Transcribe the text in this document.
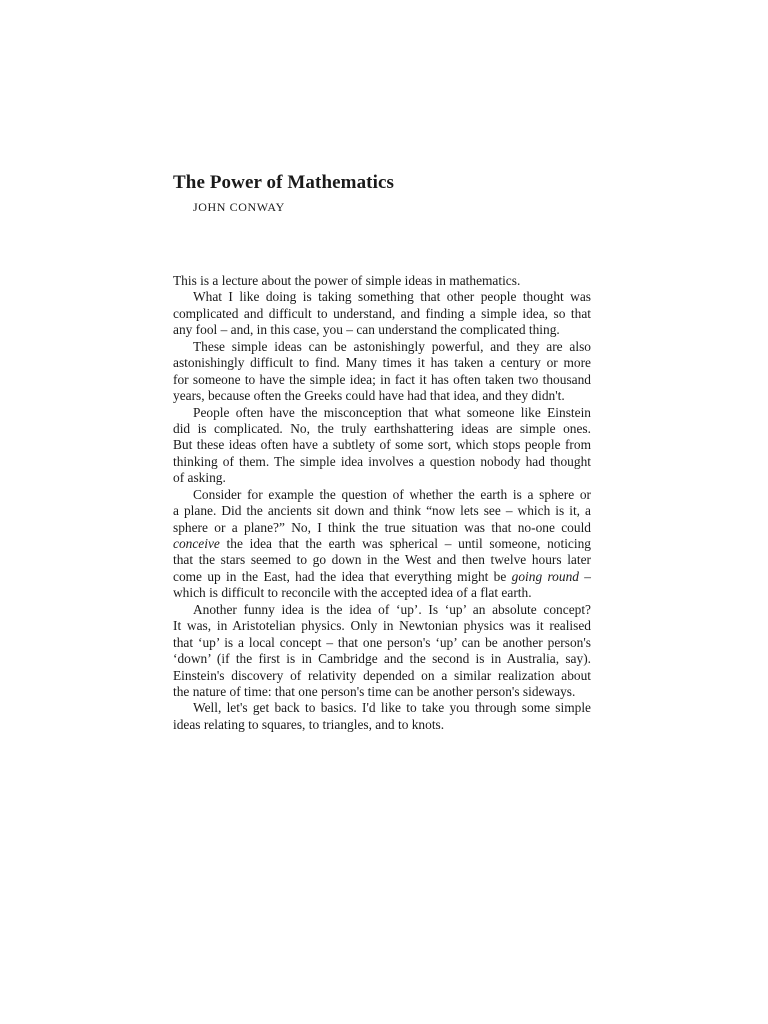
The Power of Mathematics
JOHN CONWAY
This is a lecture about the power of simple ideas in mathematics.
What I like doing is taking something that other people thought was
complicated and difficult to understand, and finding a simple idea, so that
any fool – and, in this case, you – can understand the complicated thing.
These simple ideas can be astonishingly powerful, and they are also
astonishingly difficult to find. Many times it has taken a century or more
for someone to have the simple idea; in fact it has often taken two thousand
years, because often the Greeks could have had that idea, and they didn't.
People often have the misconception that what someone like Einstein
did is complicated. No, the truly earthshattering ideas are simple ones.
But these ideas often have a subtlety of some sort, which stops people from
thinking of them. The simple idea involves a question nobody had thought
of asking.
Consider for example the question of whether the earth is a sphere or
a plane. Did the ancients sit down and think “now lets see – which is it, a
sphere or a plane?” No, I think the true situation was that no-one could
conceive the idea that the earth was spherical – until someone, noticing
that the stars seemed to go down in the West and then twelve hours later
come up in the East, had the idea that everything might be going round –
which is difficult to reconcile with the accepted idea of a flat earth.
Another funny idea is the idea of ‘up’. Is ‘up’ an absolute concept?
It was, in Aristotelian physics. Only in Newtonian physics was it realised
that ‘up’ is a local concept – that one person's ‘up’ can be another person's
‘down’ (if the first is in Cambridge and the second is in Australia, say).
Einstein's discovery of relativity depended on a similar realization about
the nature of time: that one person's time can be another person's sideways.
Well, let's get back to basics. I'd like to take you through some simple
ideas relating to squares, to triangles, and to knots.
